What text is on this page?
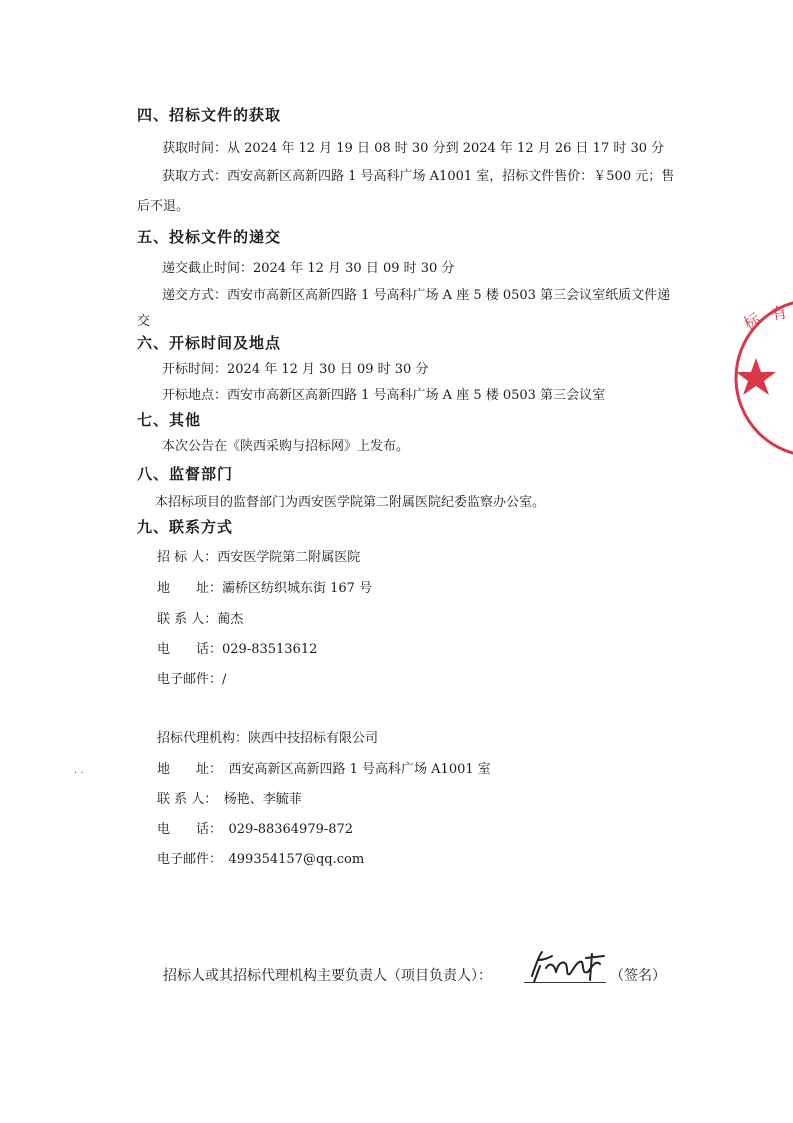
四、招标文件的获取
获取时间：从 2024 年 12 月 19 日 08 时 30 分到 2024 年 12 月 26 日 17 时 30 分
获取方式：西安高新区高新四路 1 号高科广场 A1001 室，招标文件售价：￥500 元；售
后不退。
五、投标文件的递交
递交截止时间：2024 年 12 月 30 日 09 时 30 分
递交方式：西安市高新区高新四路 1 号高科广场 A 座 5 楼 0503 第三会议室纸质文件递
交
六、开标时间及地点
开标时间：2024 年 12 月 30 日 09 时 30 分
开标地点：西安市高新区高新四路 1 号高科广场 A 座 5 楼 0503 第三会议室
七、其他
本次公告在《陕西采购与招标网》上发布。
八、监督部门
本招标项目的监督部门为西安医学院第二附属医院纪委监察办公室。
九、联系方式
招 标 人：西安医学院第二附属医院
地　　址：灞桥区纺织城东街 167 号
联 系 人：蔺杰
电　　话：029-83513612
电子邮件：/
招标代理机构：陕西中技招标有限公司
地　　址：　西安高新区高新四路 1 号高科广场 A1001 室
联 系 人：　杨艳、李毓菲
电　　话：　029-88364979-872
电子邮件：　499354157@qq.com
· ·
招标人或其招标代理机构主要负责人（项目负责人）：	（签名）
标 有
